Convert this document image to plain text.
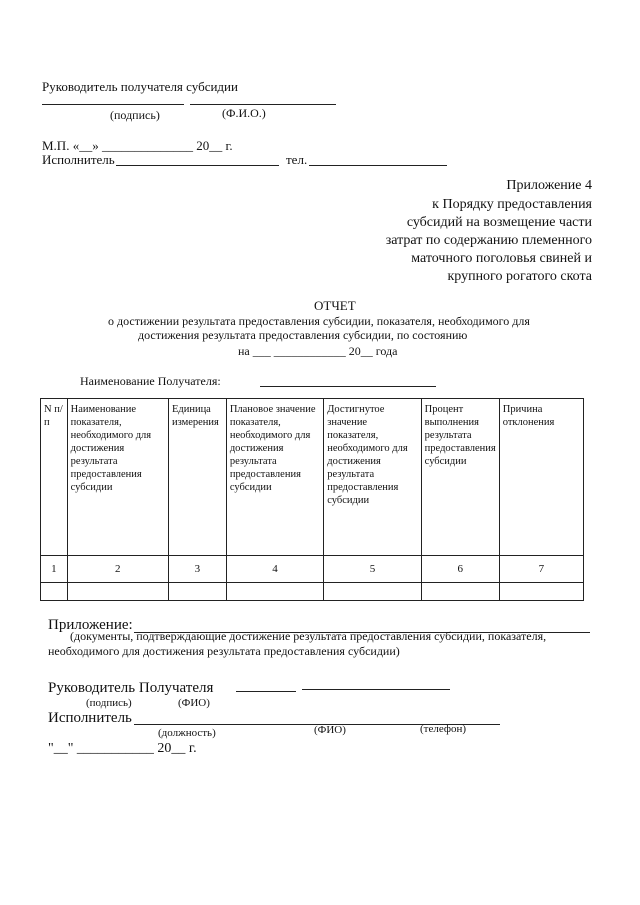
Руководитель получателя субсидии
(подпись)	(Ф.И.О.)
М.П. «__» ______________ 20__ г.
Исполнитель	тел.
Приложение 4
к Порядку предоставления
субсидий на возмещение части
затрат по содержанию племенного
маточного поголовья свиней и
крупного рогатого скота
ОТЧЕТ
о достижении результата предоставления субсидии, показателя, необходимого для
достижения результата предоставления субсидии, по состоянию
на ___ ____________ 20__ года
Наименование Получателя:
N п/п	Наименование показателя, необходимого для достижения результата предоставления субсидии	Единица измерения	Плановое значение показателя, необходимого для достижения результата предоставления субсидии	Достигнутое значение показателя, необходимого для достижения результата предоставления субсидии	Процент выполнения результата предоставления субсидии	Причина отклонения
1	2	3	4	5	6	7

Приложение:
(документы, подтверждающие достижение результата предоставления субсидии, показателя,
необходимого для достижения результата предоставления субсидии)
Руководитель Получателя
(подпись)	(ФИО)
Исполнитель
(должность)	(ФИО)	(телефон)
"__" ___________ 20__ г.
